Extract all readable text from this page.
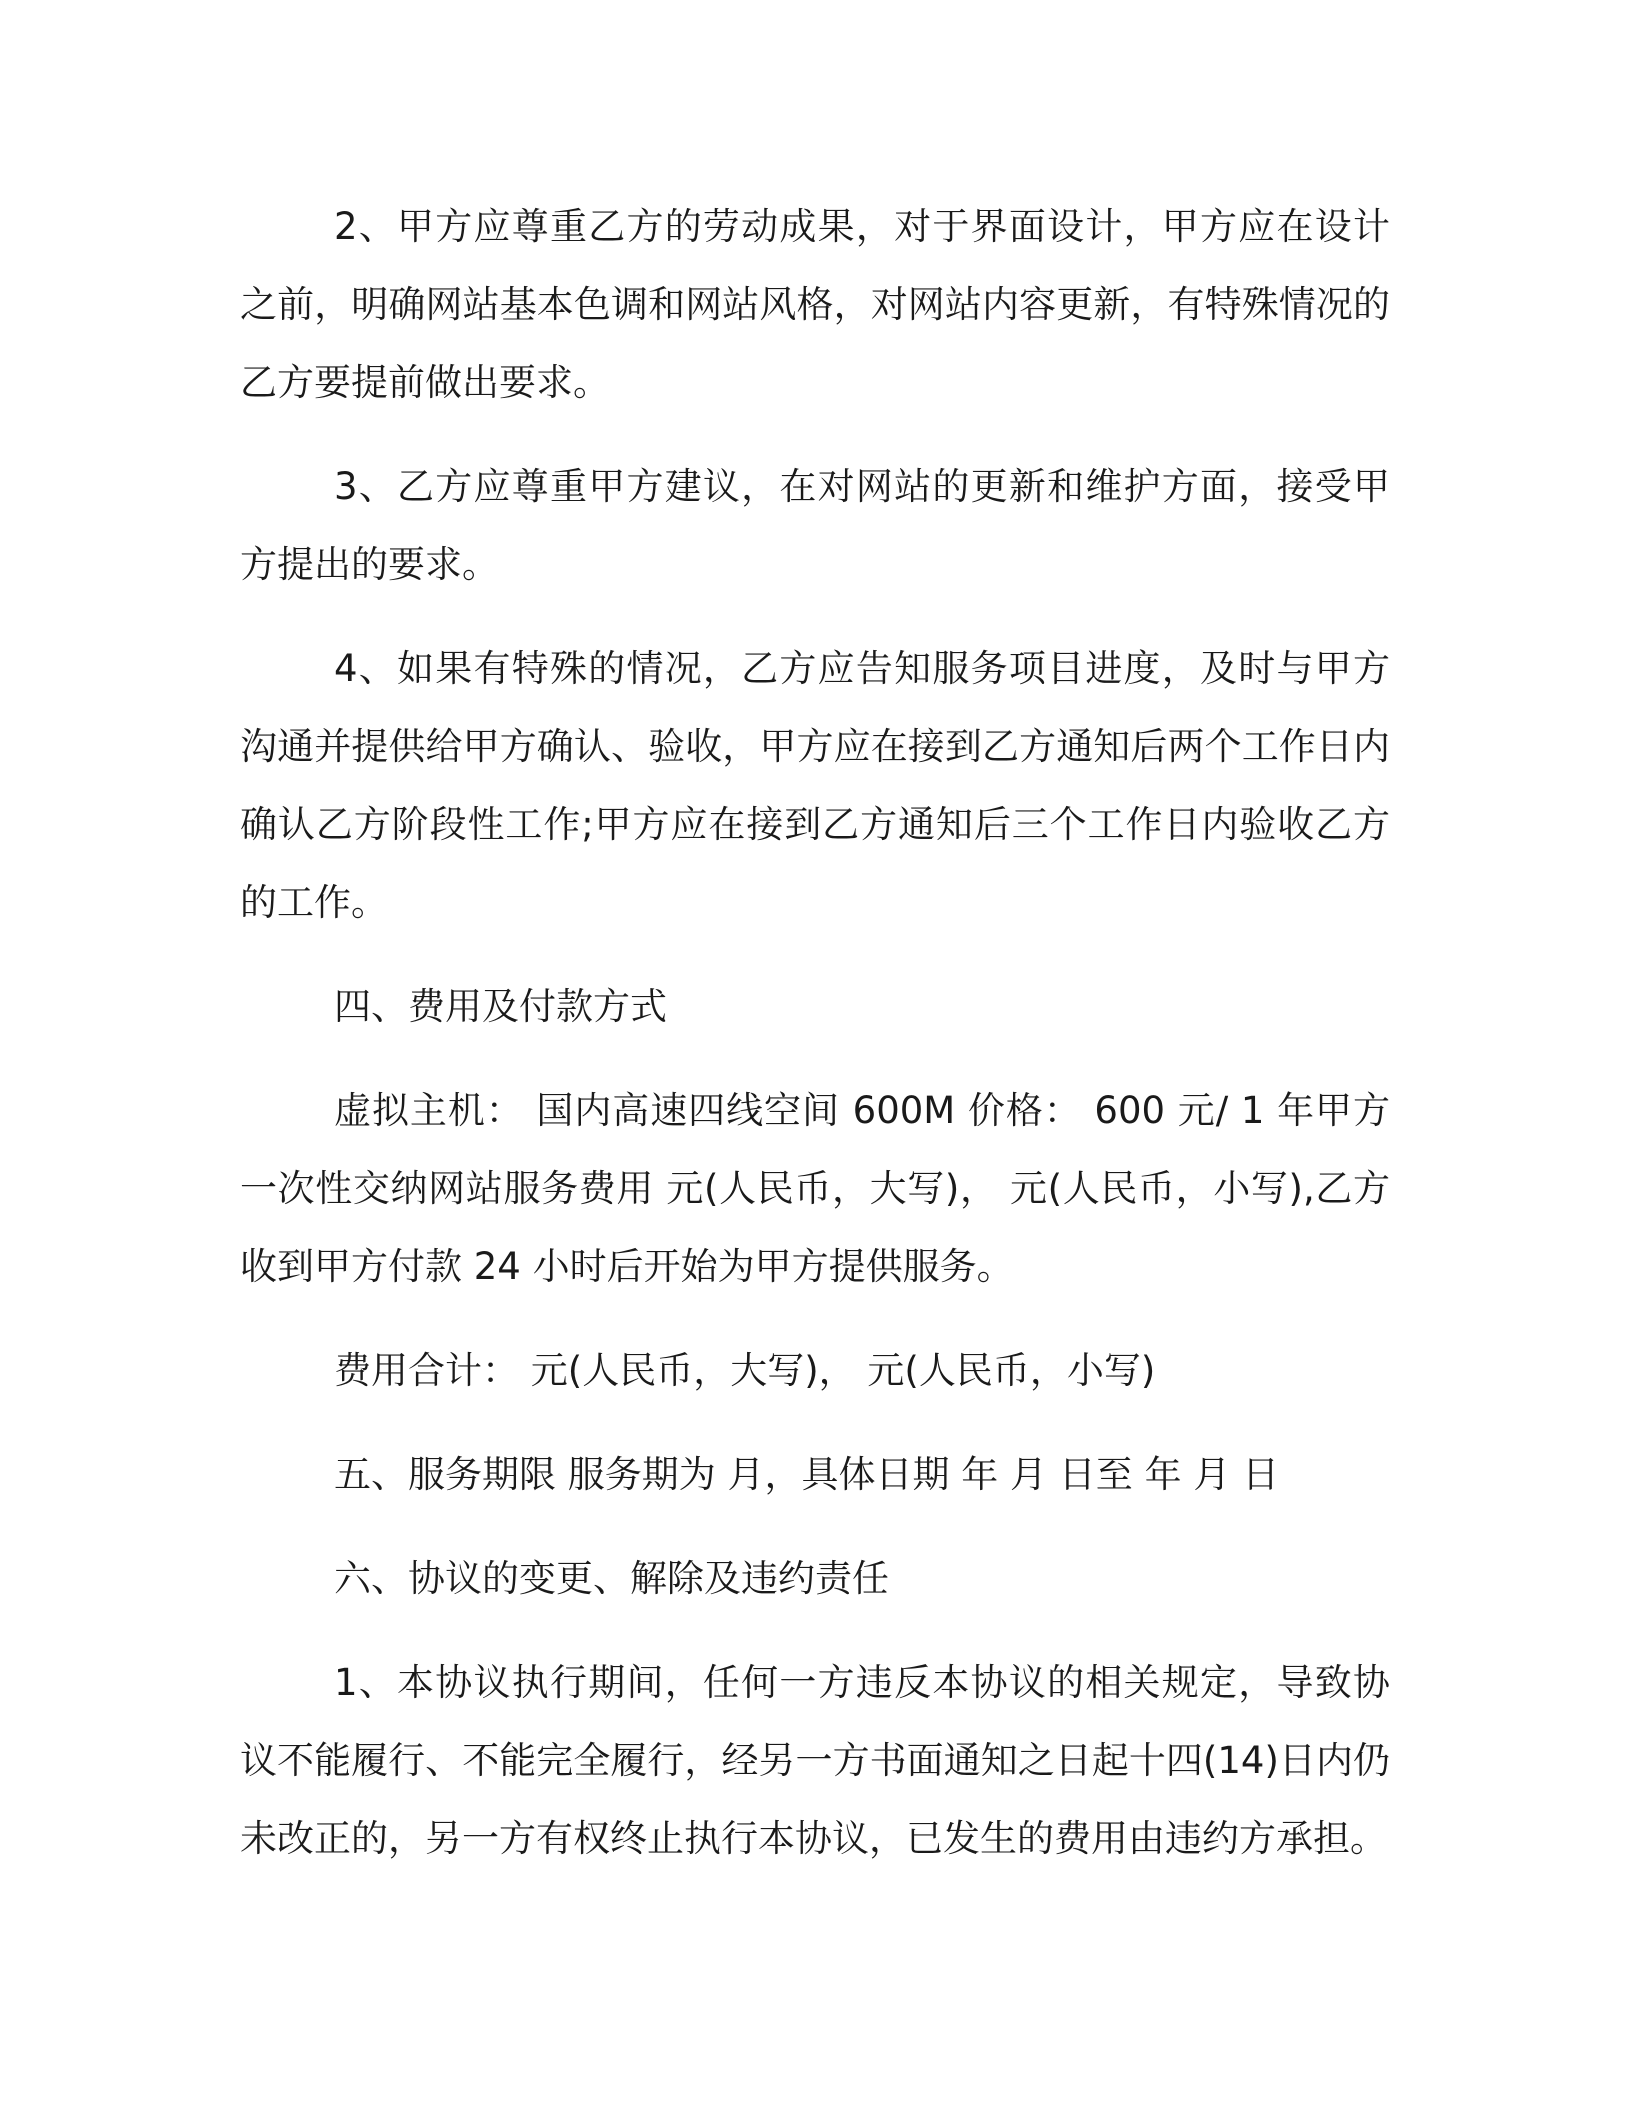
2、甲方应尊重乙方的劳动成果，对于界面设计，甲方应在设计之前，明确网站基本色调和网站风格，对网站内容更新，有特殊情况的乙方要提前做出要求。

3、乙方应尊重甲方建议，在对网站的更新和维护方面，接受甲方提出的要求。

4、如果有特殊的情况，乙方应告知服务项目进度，及时与甲方沟通并提供给甲方确认、验收，甲方应在接到乙方通知后两个工作日内确认乙方阶段性工作;甲方应在接到乙方通知后三个工作日内验收乙方的工作。

四、费用及付款方式

虚拟主机： 国内高速四线空间 600M 价格： 600 元/ 1 年甲方一次性交纳网站服务费用 元(人民币，大写)， 元(人民币，小写),乙方收到甲方付款 24 小时后开始为甲方提供服务。

费用合计： 元(人民币，大写)， 元(人民币，小写)

五、服务期限 服务期为 月，具体日期 年 月 日至 年 月 日

六、协议的变更、解除及违约责任

1、本协议执行期间，任何一方违反本协议的相关规定，导致协议不能履行、不能完全履行，经另一方书面通知之日起十四(14)日内仍未改正的，另一方有权终止执行本协议，已发生的费用由违约方承担。
